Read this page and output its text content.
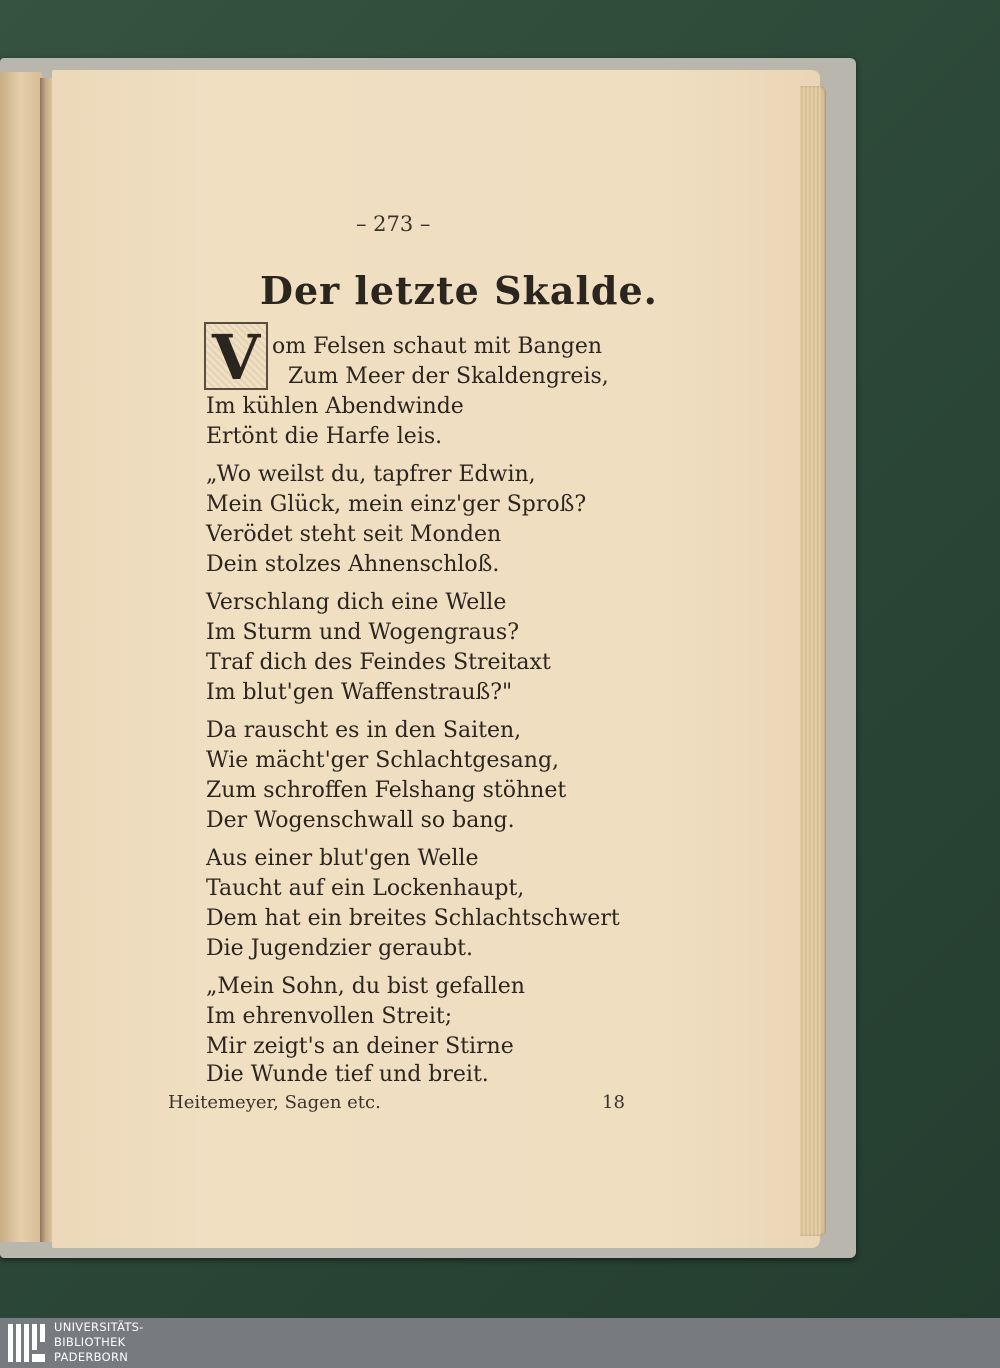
– 273 –
Der letzte Skalde.
V om Felsen schaut mit Bangen
Zum Meer der Skaldengreis,
Im kühlen Abendwinde
Ertönt die Harfe leis.
„Wo weilst du, tapfrer Edwin,
Mein Glück, mein einz'ger Sproß?
Verödet steht seit Monden
Dein stolzes Ahnenschloß.
Verschlang dich eine Welle
Im Sturm und Wogengraus?
Traf dich des Feindes Streitaxt
Im blut'gen Waffenstrauß?"
Da rauscht es in den Saiten,
Wie mächt'ger Schlachtgesang,
Zum schroffen Felshang stöhnet
Der Wogenschwall so bang.
Aus einer blut'gen Welle
Taucht auf ein Lockenhaupt,
Dem hat ein breites Schlachtschwert
Die Jugendzier geraubt.
„Mein Sohn, du bist gefallen
Im ehrenvollen Streit;
Mir zeigt's an deiner Stirne
Die Wunde tief und breit.
Heitemeyer, Sagen etc.	18
UNIVERSITÄTS-
BIBLIOTHEK
PADERBORN
